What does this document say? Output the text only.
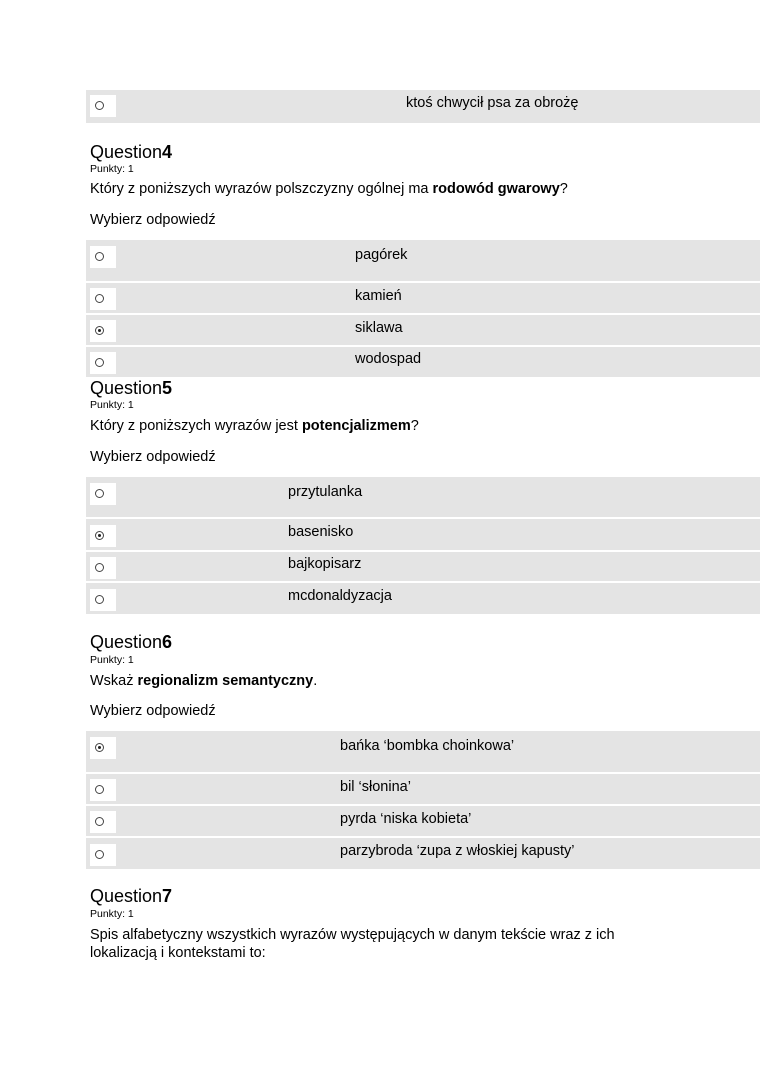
ktoś chwycił psa za obrożę
Question4
Punkty: 1
Który z poniższych wyrazów polszczyzny ogólnej ma rodowód gwarowy?
Wybierz odpowiedź
pagórek
kamień
siklawa
wodospad
Question5
Punkty: 1
Który z poniższych wyrazów jest potencjalizmem?
Wybierz odpowiedź
przytulanka
basenisko
bajkopisarz
mcdonaldyzacja
Question6
Punkty: 1
Wskaż regionalizm semantyczny.
Wybierz odpowiedź
bańka ‘bombka choinkowa’
bil ‘słonina’
pyrda ‘niska kobieta’
parzybroda ‘zupa z włoskiej kapusty’
Question7
Punkty: 1
Spis alfabetyczny wszystkich wyrazów występujących w danym tekście wraz z ich
lokalizacją i kontekstami to:
